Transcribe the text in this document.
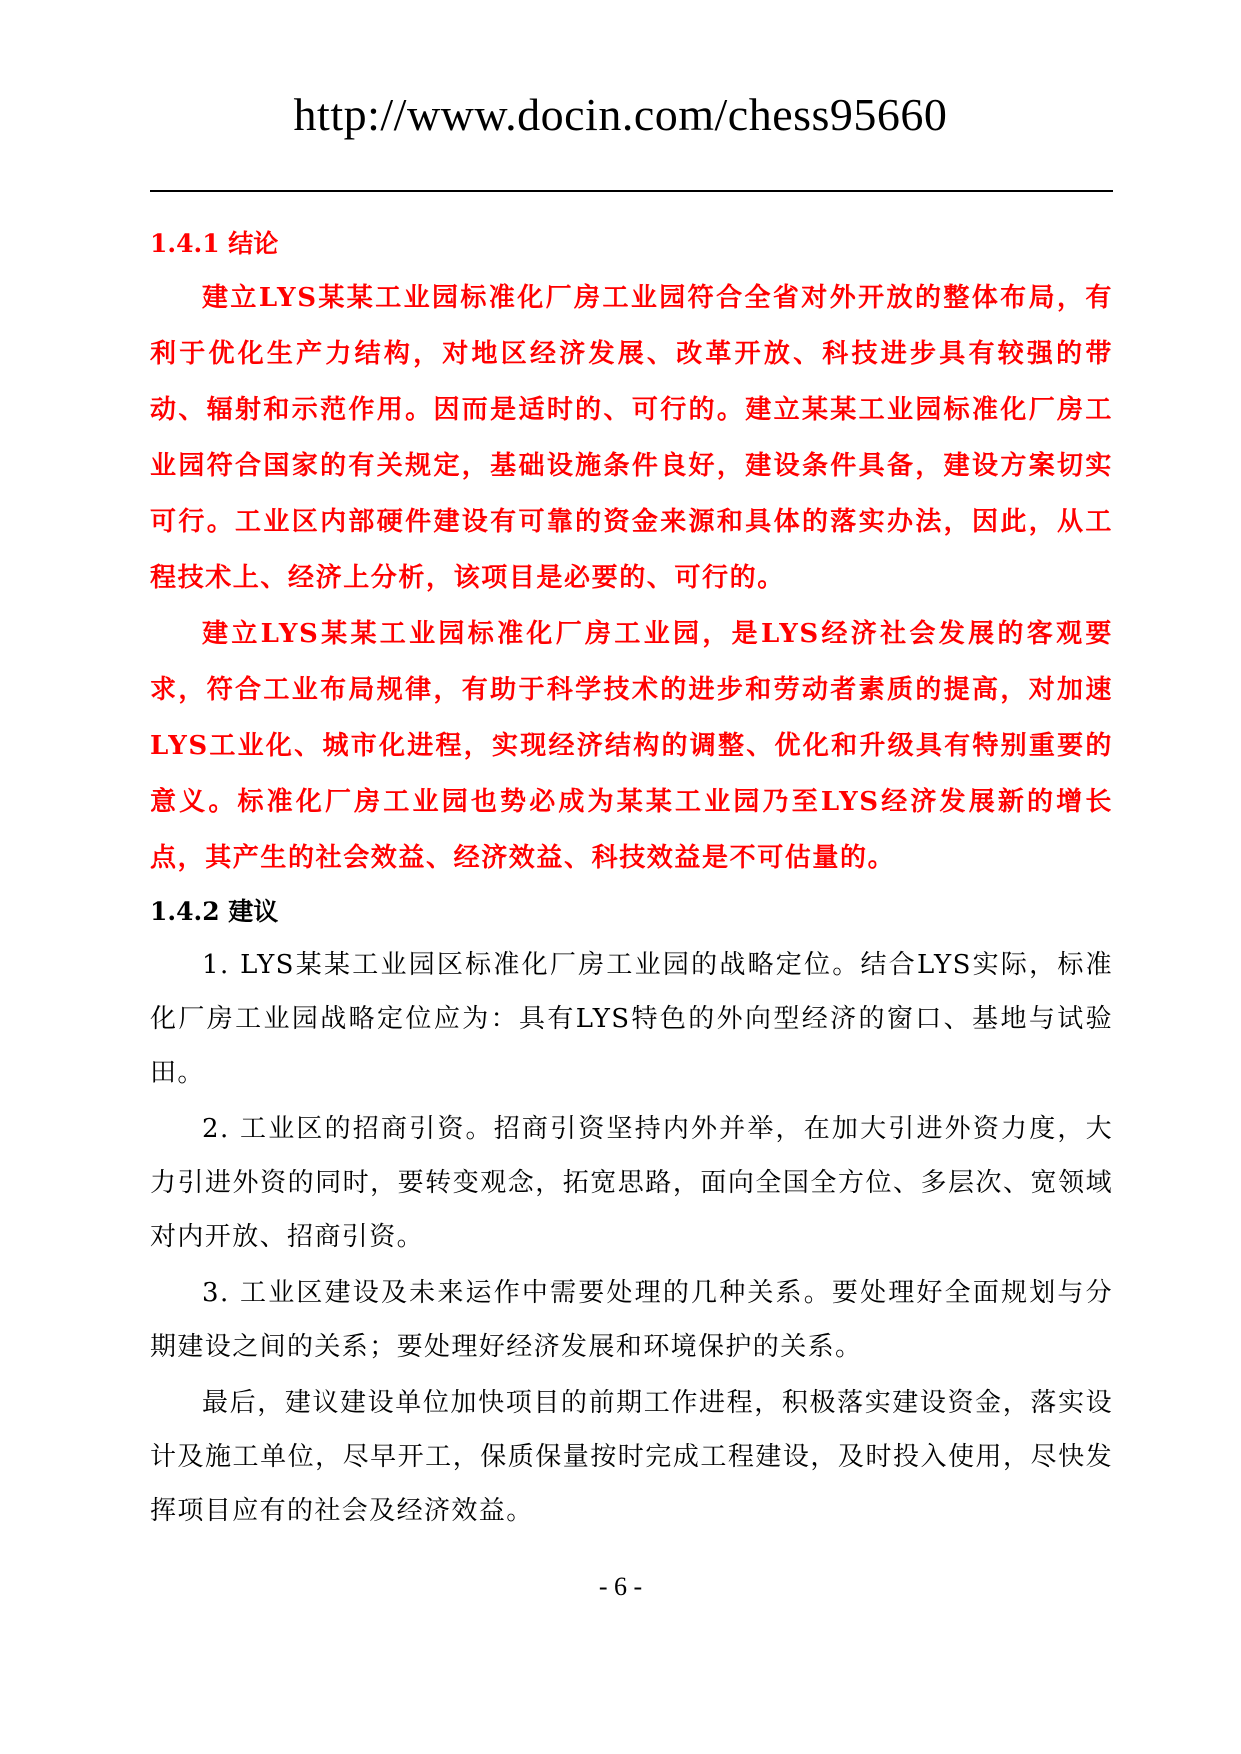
http://www.docin.com/chess95660
1.4.1 结论

建立LYS某某工业园标准化厂房工业园符合全省对外开放的整体布局，有利于优化生产力结构，对地区经济发展、改革开放、科技进步具有较强的带动、辐射和示范作用。因而是适时的、可行的。建立某某工业园标准化厂房工业园符合国家的有关规定，基础设施条件良好，建设条件具备，建设方案切实可行。工业区内部硬件建设有可靠的资金来源和具体的落实办法，因此，从工程技术上、经济上分析，该项目是必要的、可行的。

建立LYS某某工业园标准化厂房工业园，是LYS经济社会发展的客观要求，符合工业布局规律，有助于科学技术的进步和劳动者素质的提高，对加速LYS工业化、城市化进程，实现经济结构的调整、优化和升级具有特别重要的意义。标准化厂房工业园也势必成为某某工业园乃至LYS经济发展新的增长点，其产生的社会效益、经济效益、科技效益是不可估量的。

1.4.2 建议

1. LYS某某工业园区标准化厂房工业园的战略定位。结合LYS实际，标准化厂房工业园战略定位应为：具有LYS特色的外向型经济的窗口、基地与试验田。

2. 工业区的招商引资。招商引资坚持内外并举，在加大引进外资力度，大力引进外资的同时，要转变观念，拓宽思路，面向全国全方位、多层次、宽领域对内开放、招商引资。

3. 工业区建设及未来运作中需要处理的几种关系。要处理好全面规划与分期建设之间的关系；要处理好经济发展和环境保护的关系。

最后，建议建设单位加快项目的前期工作进程，积极落实建设资金，落实设计及施工单位，尽早开工，保质保量按时完成工程建设，及时投入使用，尽快发挥项目应有的社会及经济效益。

- 6 -
